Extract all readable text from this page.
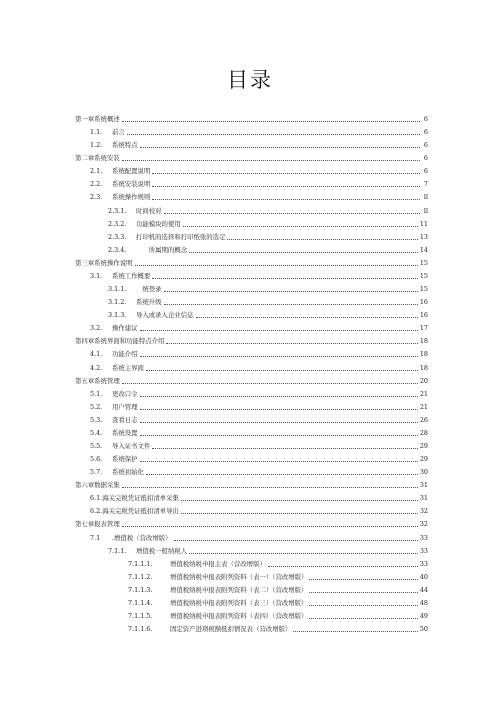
目录
第一章系统概述	6
1.1.	前言	6
1.2.	系统特点	6
第二章系统安装	6
2.1.	系统配置说明	6
2.2.	系统安装说明	7
2.3.	系统操作规则	ll
2.3.1.	时间校对	ll
2.3.2.	功能模块的使用	11
2.3.3.	打印机的选择和打印纸张的选定	13
2.3.4.	　　所属期的概念	14
第三章系统操作说明	15
3.1.	系统工作概要	15
3.1.1.	　统登录	15
3.1.2.	系统升级	16
3.1.3.	导入或录入企业信息	16
3.2.	操作建议	17
第四章系统界面和功能特点介绍	18
4.1.	功能介绍	18
4.2.	系统主界面	18
第五章系统管理	20
5.1.	更改口令	21
5.2.	用户管理	21
5.3.	查看日志	26
5.4.	系统设置	28
5.5.	导入证书文件	29
5.6.	系统保护	29
5.7.	系统初始化	30
第六章数据采集	31
6.1.海关完税凭证抵扣清单采集	31
6.2.海关完税凭证抵扣清单导出	32
第七章报表管理	32
7.1	.增值税（营改增版）	33
7.1.1.	增值税一般纳税人	33
7.1.1.1.	增值税纳税申报主表（营改增版）	33
7.1.1.2.	增值税纳税申报表附列资料（表一）（营改增版）	40
7.1.1.3.	增值税纳税申报表附列资料（表二）（营改增版）	44
7.1.1.4.	增值税纳税申报表附列资料（表三）（营改增版）	48
7.1.1.5.	增值税纳税申报表附列资料（表四）（营改增版）	49
7.1.1.6.	固定资产进项税额抵扣情况表（营改增版）	50
